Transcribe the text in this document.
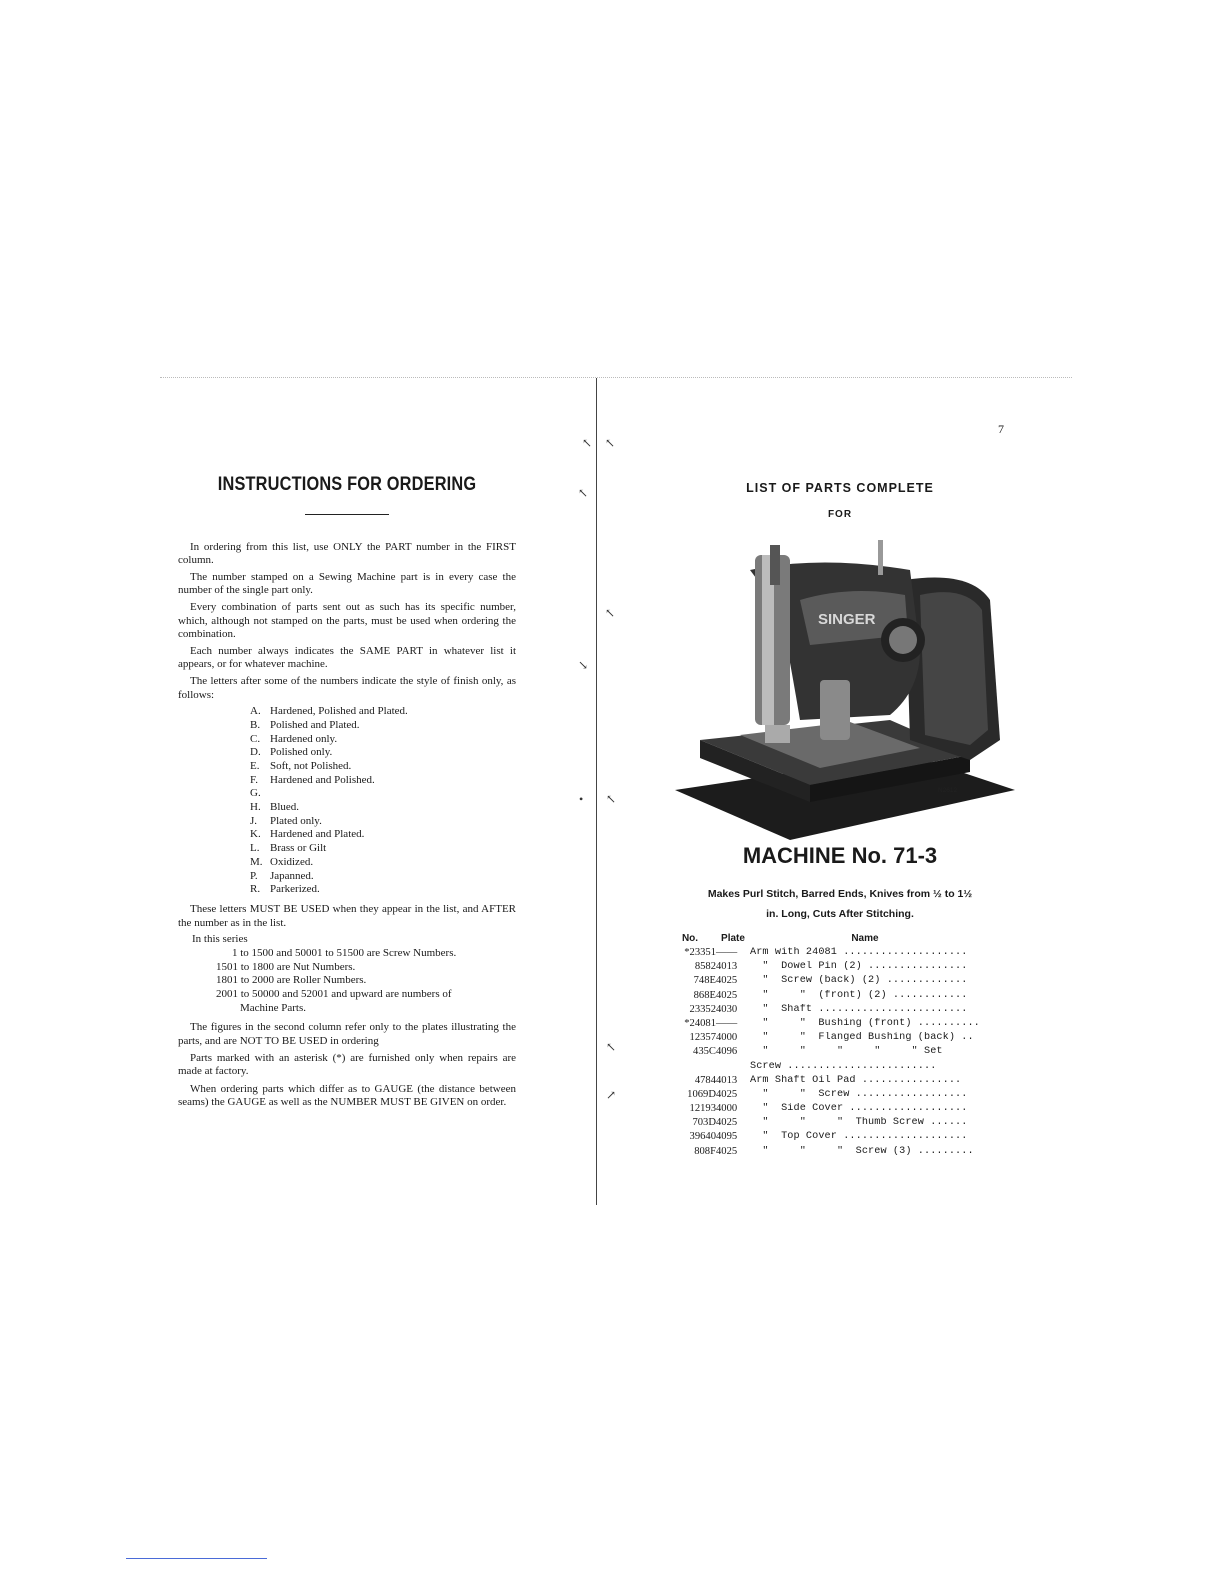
↖ ↖
↖
↖
↘
↖
•
↖
↗
INSTRUCTIONS FOR ORDERING

In ordering from this list, use ONLY the PART number in the FIRST column.

The number stamped on a Sewing Machine part is in every case the number of the single part only.

Every combination of parts sent out as such has its specific number, which, although not stamped on the parts, must be used when ordering the combination.

Each number always indicates the SAME PART in whatever list it appears, or for whatever machine.

The letters after some of the numbers indicate the style of finish only, as follows:

A. Hardened, Polished and Plated.
B. Polished and Plated.
C. Hardened only.
D. Polished only.
E. Soft, not Polished.
F. Hardened and Polished.
G.
H. Blued.
J. Plated only.
K. Hardened and Plated.
L. Brass or Gilt
M. Oxidized.
P. Japanned.
R. Parkerized.

These letters MUST BE USED when they appear in the list, and AFTER the number as in the list.

In this series
1 to 1500 and 50001 to 51500 are Screw Numbers.
1501 to 1800 are Nut Numbers.
1801 to 2000 are Roller Numbers.
2001 to 50000 and 52001 and upward are numbers of
Machine Parts.

The figures in the second column refer only to the plates illustrating the parts, and are NOT TO BE USED in ordering

Parts marked with an asterisk (*) are furnished only when repairs are made at factory.

When ordering parts which differ as to GAUGE (the distance between seams) the GAUGE as well as the NUMBER MUST BE GIVEN on order.

7
LIST OF PARTS COMPLETE
FOR
SINGER
N2612
MACHINE No. 71-3
Makes Purl Stitch, Barred Ends, Knives from ½ to 1½
in. Long, Cuts After Stitching.
No.	Plate	Name
*23351	——	Arm with 24081 ....................
8582	4013	"  Dowel Pin (2) ................
748E	4025	"  Screw (back) (2) .............
868E	4025	"     "  (front) (2) ............
23352	4030	"  Shaft ........................
*24081	——	"     "  Bushing (front) ..........
12357	4000	"     "  Flanged Bushing (back) ..
435C	4096	"     "     "     "     " Set
		Screw ........................
4784	4013	Arm Shaft Oil Pad ................
1069D	4025	"     "  Screw ..................
12193	4000	"  Side Cover ...................
703D	4025	"     "     "  Thumb Screw ......
39640	4095	"  Top Cover ....................
808F	4025	"     "     "  Screw (3) .........
